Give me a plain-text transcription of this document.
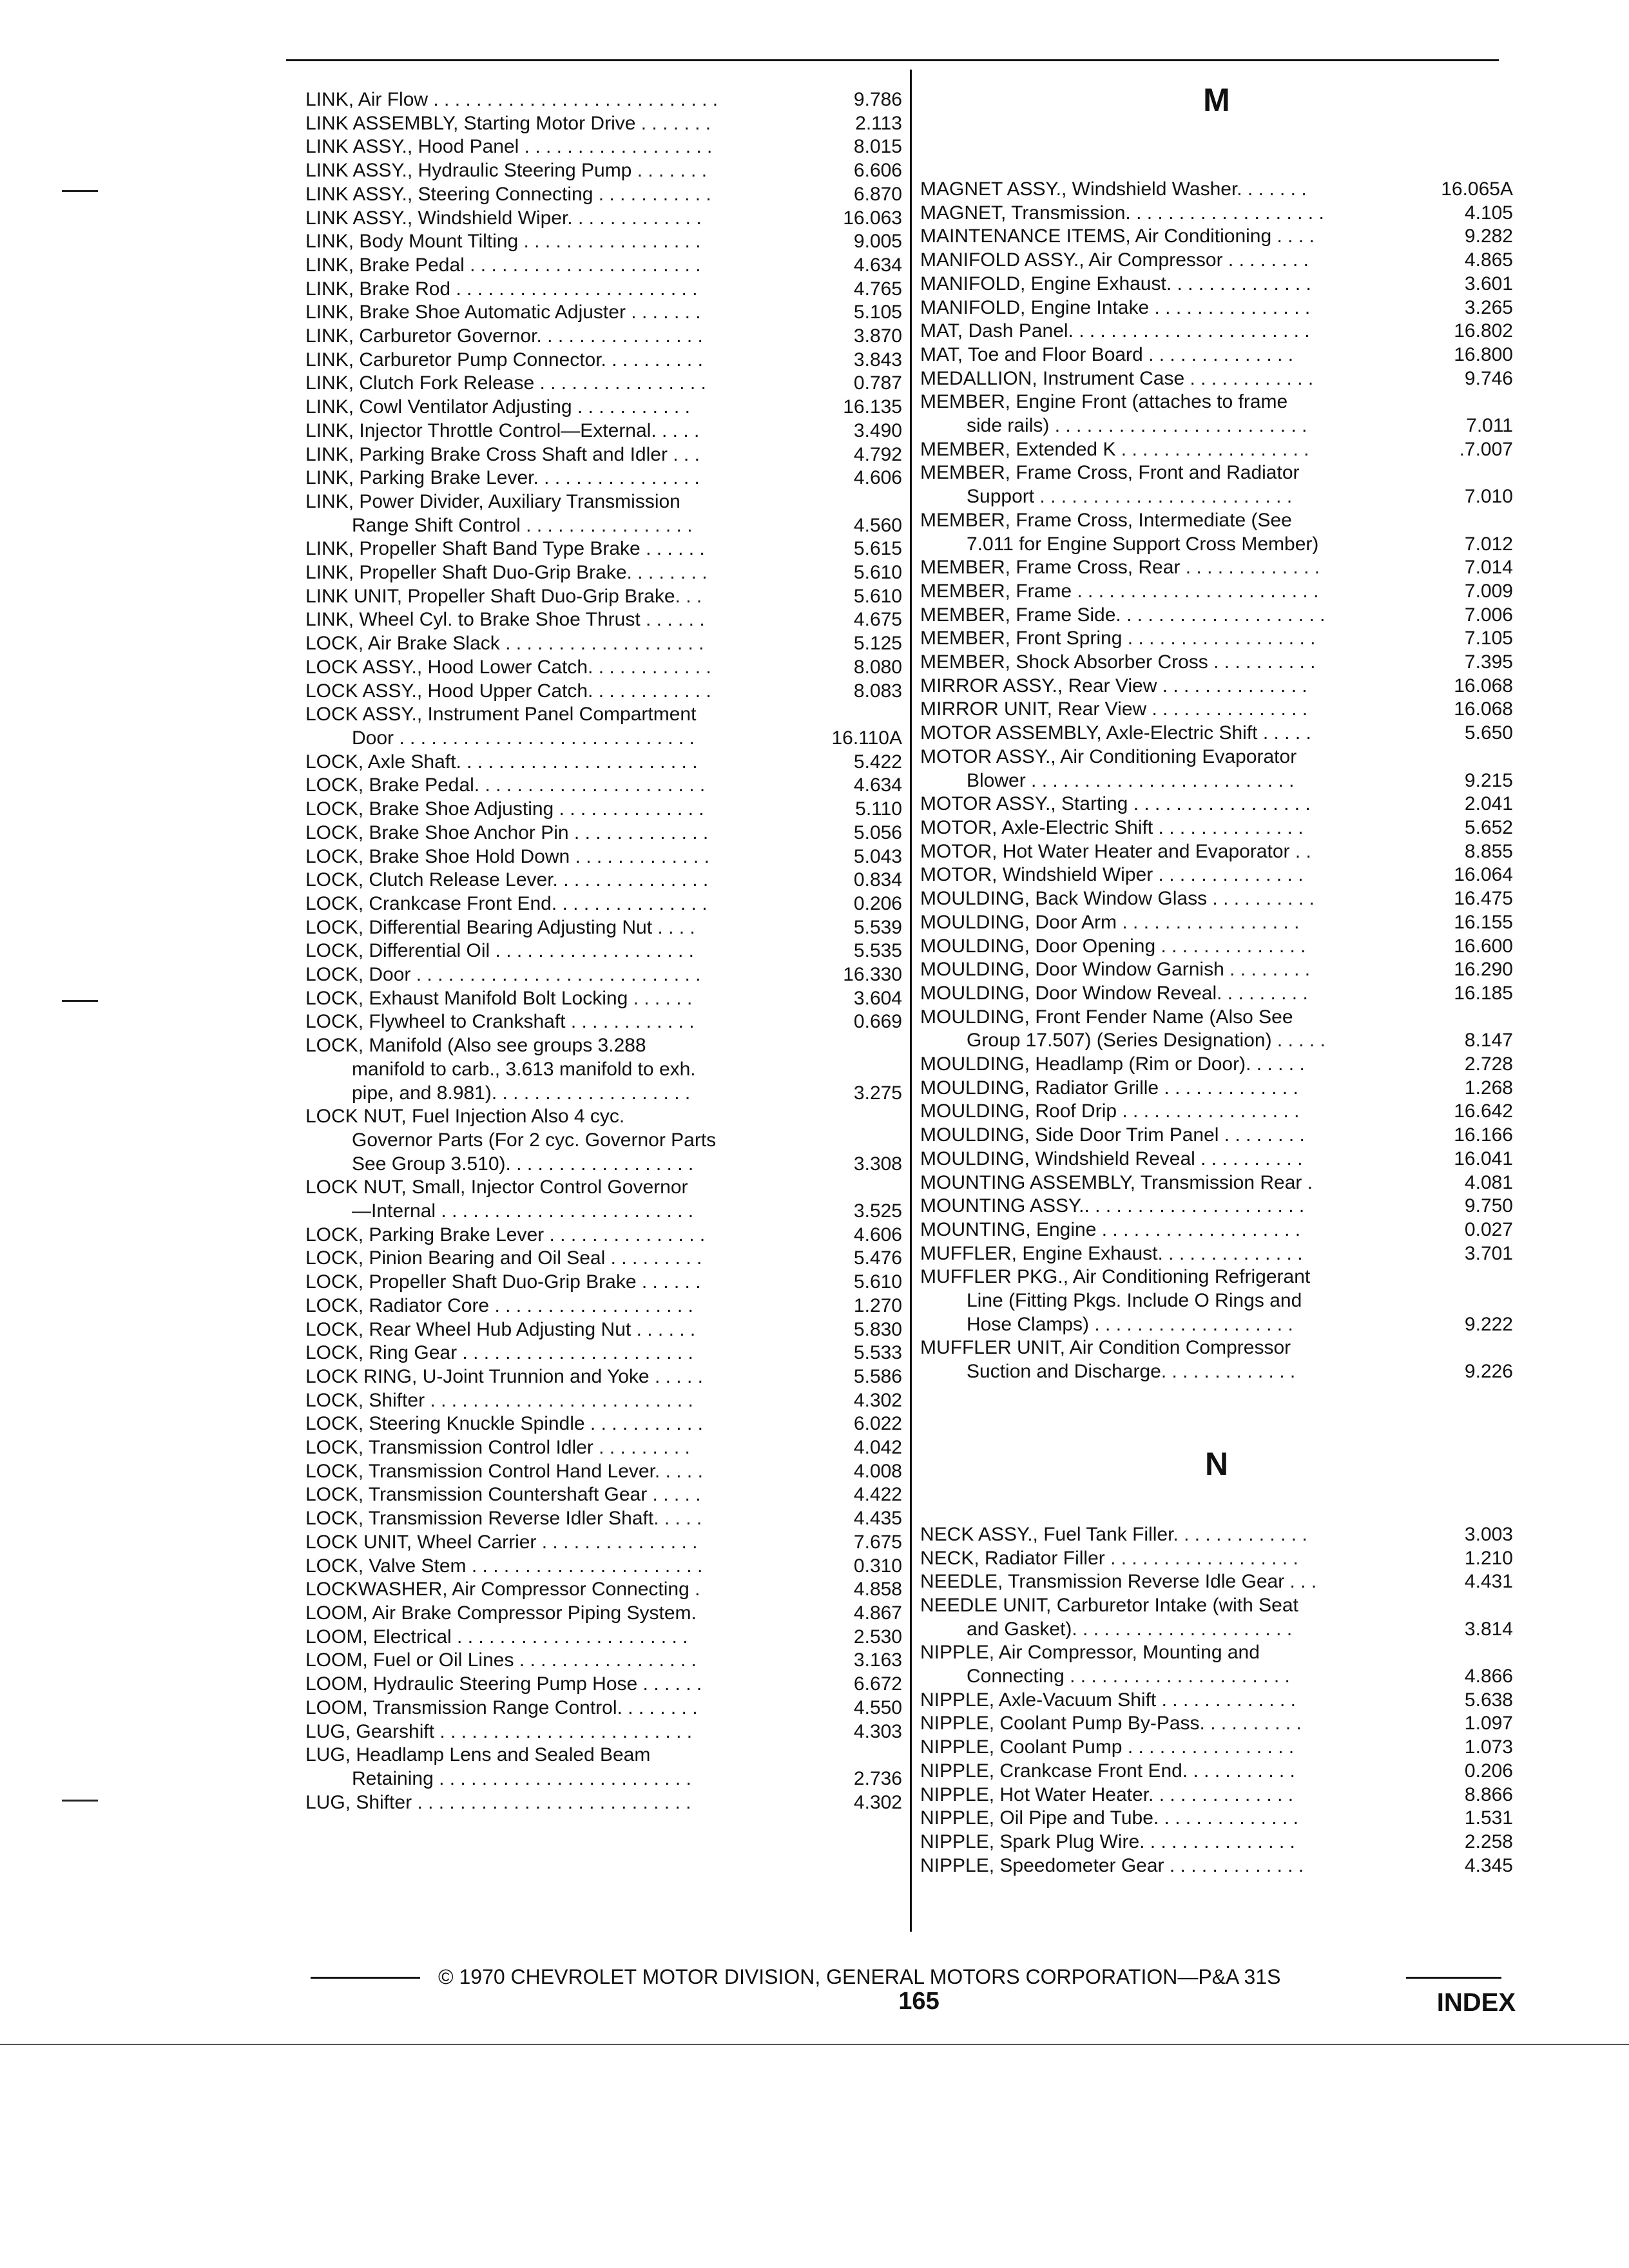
LINK, Air Flow . . . . . . . . . . . . . . . . . . . . . . . . . . .	9.786
LINK ASSEMBLY, Starting Motor Drive . . . . . . .	2.113
LINK ASSY., Hood Panel . . . . . . . . . . . . . . . . . .	8.015
LINK ASSY., Hydraulic Steering Pump . . . . . . .	6.606
LINK ASSY., Steering Connecting . . . . . . . . . . .	6.870
LINK ASSY., Windshield Wiper. . . . . . . . . . . . .	16.063
LINK, Body Mount Tilting . . . . . . . . . . . . . . . . .	9.005
LINK, Brake Pedal . . . . . . . . . . . . . . . . . . . . . .	4.634
LINK, Brake Rod . . . . . . . . . . . . . . . . . . . . . . .	4.765
LINK, Brake Shoe Automatic Adjuster . . . . . . .	5.105
LINK, Carburetor Governor. . . . . . . . . . . . . . . .	3.870
LINK, Carburetor Pump Connector. . . . . . . . . .	3.843
LINK, Clutch Fork Release . . . . . . . . . . . . . . . .	0.787
LINK, Cowl Ventilator Adjusting . . . . . . . . . . .	16.135
LINK, Injector Throttle Control—External. . . . .	3.490
LINK, Parking Brake Cross Shaft and Idler . . .	4.792
LINK, Parking Brake Lever. . . . . . . . . . . . . . . .	4.606
LINK, Power Divider, Auxiliary Transmission
Range Shift Control . . . . . . . . . . . . . . . .	4.560
LINK, Propeller Shaft Band Type Brake . . . . . .	5.615
LINK, Propeller Shaft Duo-Grip Brake. . . . . . . .	5.610
LINK UNIT, Propeller Shaft Duo-Grip Brake. . .	5.610
LINK, Wheel Cyl. to Brake Shoe Thrust . . . . . .	4.675
LOCK, Air Brake Slack . . . . . . . . . . . . . . . . . . .	5.125
LOCK ASSY., Hood Lower Catch. . . . . . . . . . . .	8.080
LOCK ASSY., Hood Upper Catch. . . . . . . . . . . .	8.083
LOCK ASSY., Instrument Panel Compartment
Door . . . . . . . . . . . . . . . . . . . . . . . . . . . .	16.110A
LOCK, Axle Shaft. . . . . . . . . . . . . . . . . . . . . . .	5.422
LOCK, Brake Pedal. . . . . . . . . . . . . . . . . . . . . .	4.634
LOCK, Brake Shoe Adjusting . . . . . . . . . . . . . .	5.110
LOCK, Brake Shoe Anchor Pin . . . . . . . . . . . . .	5.056
LOCK, Brake Shoe Hold Down . . . . . . . . . . . . .	5.043
LOCK, Clutch Release Lever. . . . . . . . . . . . . . .	0.834
LOCK, Crankcase Front End. . . . . . . . . . . . . . .	0.206
LOCK, Differential Bearing Adjusting Nut . . . .	5.539
LOCK, Differential Oil . . . . . . . . . . . . . . . . . . .	5.535
LOCK, Door . . . . . . . . . . . . . . . . . . . . . . . . . . .	16.330
LOCK, Exhaust Manifold Bolt Locking . . . . . .	3.604
LOCK, Flywheel to Crankshaft . . . . . . . . . . . .	0.669
LOCK, Manifold (Also see groups 3.288
manifold to carb., 3.613 manifold to exh.
pipe, and 8.981). . . . . . . . . . . . . . . . . . .	3.275
LOCK NUT, Fuel Injection Also 4 cyc.
Governor Parts (For 2 cyc. Governor Parts
See Group 3.510). . . . . . . . . . . . . . . . . .	3.308
LOCK NUT, Small, Injector Control Governor
—Internal . . . . . . . . . . . . . . . . . . . . . . . .	3.525
LOCK, Parking Brake Lever . . . . . . . . . . . . . . .	4.606
LOCK, Pinion Bearing and Oil Seal . . . . . . . . .	5.476
LOCK, Propeller Shaft Duo-Grip Brake . . . . . .	5.610
LOCK, Radiator Core . . . . . . . . . . . . . . . . . . .	1.270
LOCK, Rear Wheel Hub Adjusting Nut . . . . . .	5.830
LOCK, Ring Gear . . . . . . . . . . . . . . . . . . . . . .	5.533
LOCK RING, U-Joint Trunnion and Yoke . . . . .	5.586
LOCK, Shifter . . . . . . . . . . . . . . . . . . . . . . . . .	4.302
LOCK, Steering Knuckle Spindle . . . . . . . . . . .	6.022
LOCK, Transmission Control Idler . . . . . . . . .	4.042
LOCK, Transmission Control Hand Lever. . . . .	4.008
LOCK, Transmission Countershaft Gear . . . . .	4.422
LOCK, Transmission Reverse Idler Shaft. . . . .	4.435
LOCK UNIT, Wheel Carrier . . . . . . . . . . . . . . .	7.675
LOCK, Valve Stem . . . . . . . . . . . . . . . . . . . . . .	0.310
LOCKWASHER, Air Compressor Connecting .	4.858
LOOM, Air Brake Compressor Piping System.	4.867
LOOM, Electrical . . . . . . . . . . . . . . . . . . . . . .	2.530
LOOM, Fuel or Oil Lines . . . . . . . . . . . . . . . . .	3.163
LOOM, Hydraulic Steering Pump Hose . . . . . .	6.672
LOOM, Transmission Range Control. . . . . . . .	4.550
LUG, Gearshift . . . . . . . . . . . . . . . . . . . . . . . .	4.303
LUG, Headlamp Lens and Sealed Beam
Retaining . . . . . . . . . . . . . . . . . . . . . . . .	2.736
LUG, Shifter . . . . . . . . . . . . . . . . . . . . . . . . . .	4.302
M
MAGNET ASSY., Windshield Washer. . . . . . .	16.065A
MAGNET, Transmission. . . . . . . . . . . . . . . . . . .	4.105
MAINTENANCE ITEMS, Air Conditioning . . . .	9.282
MANIFOLD ASSY., Air Compressor . . . . . . . .	4.865
MANIFOLD, Engine Exhaust. . . . . . . . . . . . . .	3.601
MANIFOLD, Engine Intake . . . . . . . . . . . . . . .	3.265
MAT, Dash Panel. . . . . . . . . . . . . . . . . . . . . . .	16.802
MAT, Toe and Floor Board . . . . . . . . . . . . . .	16.800
MEDALLION, Instrument Case . . . . . . . . . . . .	9.746
MEMBER, Engine Front (attaches to frame
side rails) . . . . . . . . . . . . . . . . . . . . . . . .	7.011
MEMBER, Extended K . . . . . . . . . . . . . . . . . .	.7.007
MEMBER, Frame Cross, Front and Radiator
Support . . . . . . . . . . . . . . . . . . . . . . . .	7.010
MEMBER, Frame Cross, Intermediate (See
7.011 for Engine Support Cross Member)	7.012
MEMBER, Frame Cross, Rear . . . . . . . . . . . . .	7.014
MEMBER, Frame . . . . . . . . . . . . . . . . . . . . . . .	7.009
MEMBER, Frame Side. . . . . . . . . . . . . . . . . . . .	7.006
MEMBER, Front Spring . . . . . . . . . . . . . . . . . .	7.105
MEMBER, Shock Absorber Cross . . . . . . . . . .	7.395
MIRROR ASSY., Rear View . . . . . . . . . . . . . .	16.068
MIRROR UNIT, Rear View . . . . . . . . . . . . . . .	16.068
MOTOR ASSEMBLY, Axle-Electric Shift . . . . .	5.650
MOTOR ASSY., Air Conditioning Evaporator
Blower . . . . . . . . . . . . . . . . . . . . . . . . .	9.215
MOTOR ASSY., Starting . . . . . . . . . . . . . . . . .	2.041
MOTOR, Axle-Electric Shift . . . . . . . . . . . . . .	5.652
MOTOR, Hot Water Heater and Evaporator . .	8.855
MOTOR, Windshield Wiper . . . . . . . . . . . . . .	16.064
MOULDING, Back Window Glass . . . . . . . . . .	16.475
MOULDING, Door Arm . . . . . . . . . . . . . . . . .	16.155
MOULDING, Door Opening . . . . . . . . . . . . . .	16.600
MOULDING, Door Window Garnish . . . . . . . .	16.290
MOULDING, Door Window Reveal. . . . . . . . .	16.185
MOULDING, Front Fender Name (Also See
Group 17.507) (Series Designation) . . . . .	8.147
MOULDING, Headlamp (Rim or Door). . . . . .	2.728
MOULDING, Radiator Grille . . . . . . . . . . . . .	1.268
MOULDING, Roof Drip . . . . . . . . . . . . . . . . .	16.642
MOULDING, Side Door Trim Panel . . . . . . . .	16.166
MOULDING, Windshield Reveal . . . . . . . . . .	16.041
MOUNTING ASSEMBLY, Transmission Rear .	4.081
MOUNTING ASSY.. . . . . . . . . . . . . . . . . . . . .	9.750
MOUNTING, Engine . . . . . . . . . . . . . . . . . . .	0.027
MUFFLER, Engine Exhaust. . . . . . . . . . . . . .	3.701
MUFFLER PKG., Air Conditioning Refrigerant
Line (Fitting Pkgs. Include O Rings and
Hose Clamps) . . . . . . . . . . . . . . . . . . .	9.222
MUFFLER UNIT, Air Condition Compressor
Suction and Discharge. . . . . . . . . . . . .	9.226
N
NECK ASSY., Fuel Tank Filler. . . . . . . . . . . . .	3.003
NECK, Radiator Filler . . . . . . . . . . . . . . . . . .	1.210
NEEDLE, Transmission Reverse Idle Gear . . .	4.431
NEEDLE UNIT, Carburetor Intake (with Seat
and Gasket). . . . . . . . . . . . . . . . . . . . .	3.814
NIPPLE, Air Compressor, Mounting and
Connecting . . . . . . . . . . . . . . . . . . . . .	4.866
NIPPLE, Axle-Vacuum Shift . . . . . . . . . . . . .	5.638
NIPPLE, Coolant Pump By-Pass. . . . . . . . . .	1.097
NIPPLE, Coolant Pump . . . . . . . . . . . . . . . .	1.073
NIPPLE, Crankcase Front End. . . . . . . . . . .	0.206
NIPPLE, Hot Water Heater. . . . . . . . . . . . . .	8.866
NIPPLE, Oil Pipe and Tube. . . . . . . . . . . . . .	1.531
NIPPLE, Spark Plug Wire. . . . . . . . . . . . . . .	2.258
NIPPLE, Speedometer Gear . . . . . . . . . . . . .	4.345
© 1970 CHEVROLET MOTOR DIVISION, GENERAL MOTORS CORPORATION—P&A 31S
165	INDEX
